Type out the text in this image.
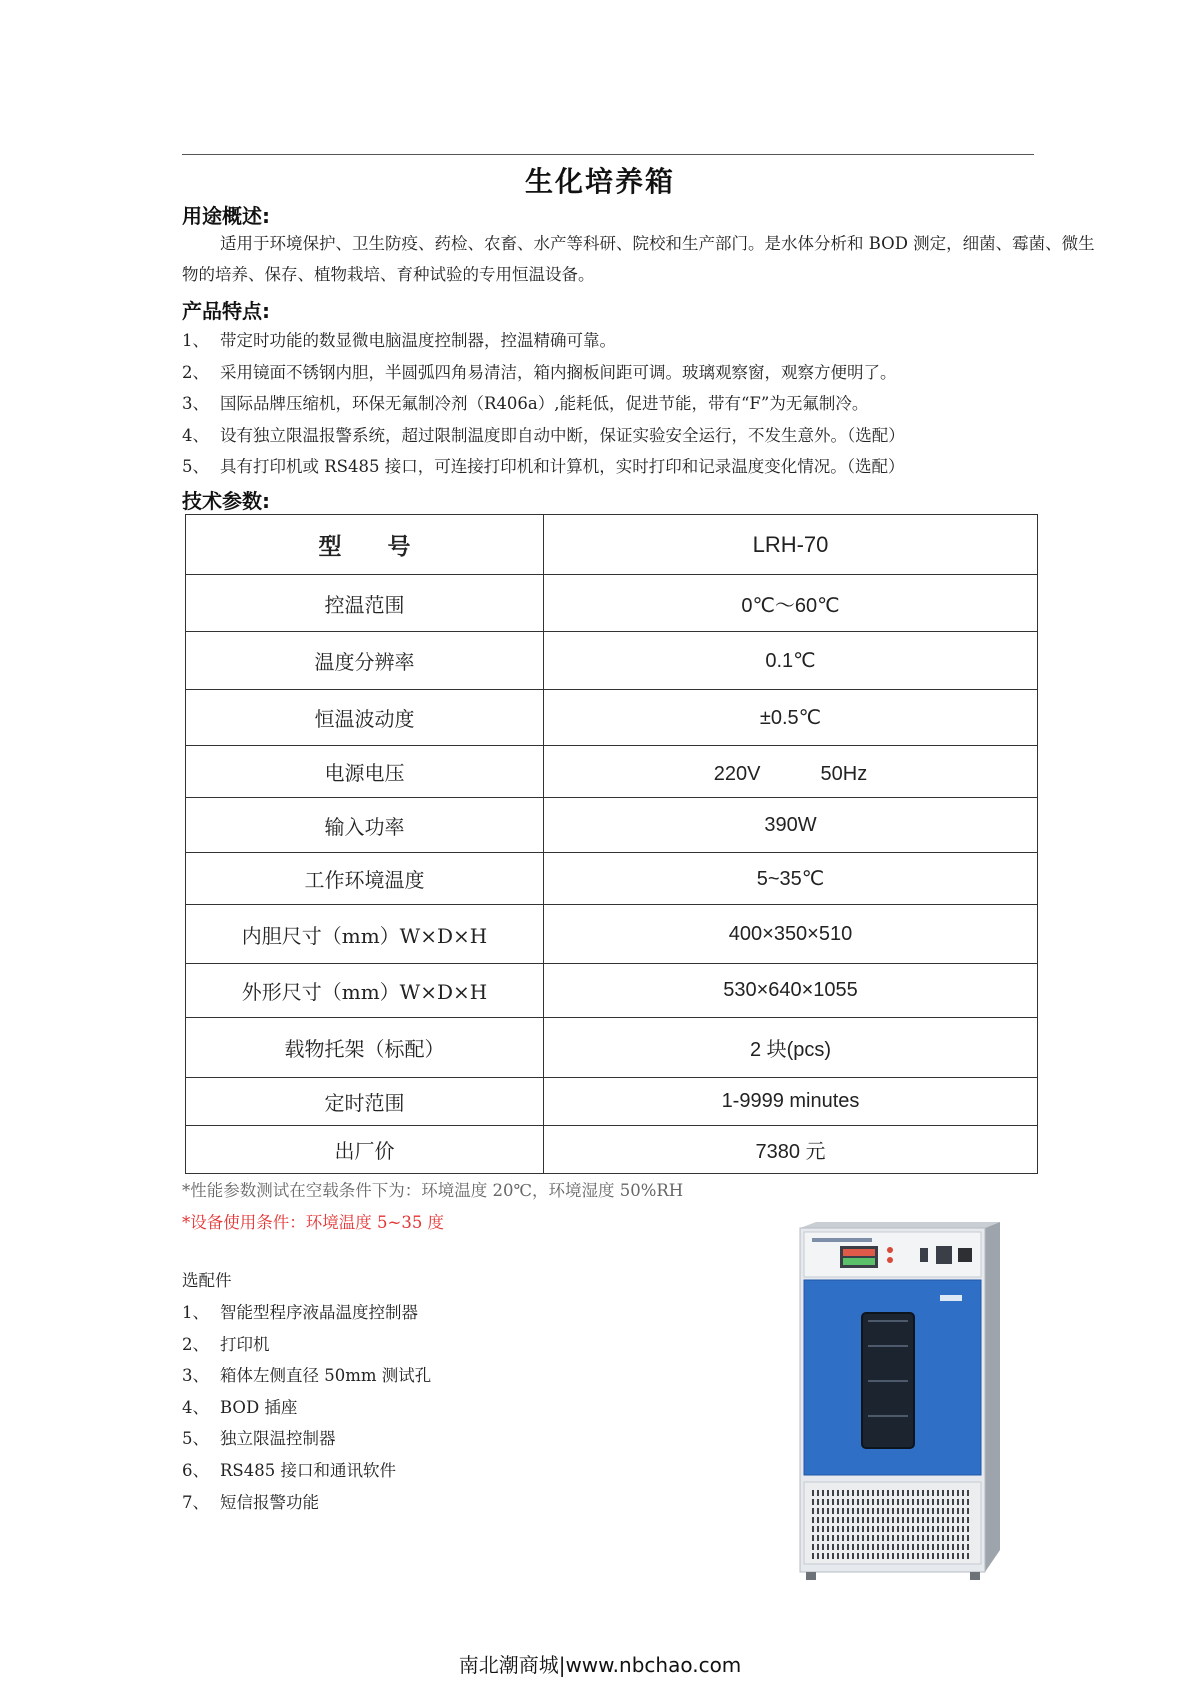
生化培养箱
用途概述:
适用于环境保护、卫生防疫、药检、农畜、水产等科研、院校和生产部门。是水体分析和 BOD 测定，细菌、霉菌、微生物的培养、保存、植物栽培、育种试验的专用恒温设备。
产品特点:
1、 带定时功能的数显微电脑温度控制器，控温精确可靠。
2、 采用镜面不锈钢内胆，半圆弧四角易清洁，箱内搁板间距可调。玻璃观察窗，观察方便明了。
3、 国际品牌压缩机，环保无氟制冷剂（R406a）,能耗低，促进节能，带有“F”为无氟制冷。
4、 设有独立限温报警系统，超过限制温度即自动中断，保证实验安全运行，不发生意外。（选配）
5、 具有打印机或 RS485 接口，可连接打印机和计算机，实时打印和记录温度变化情况。（选配）
技术参数:
型　　号	LRH-70
控温范围	0℃～60℃
温度分辨率	0.1℃
恒温波动度	±0.5℃
电源电压	220V　　　50Hz
输入功率	390W
工作环境温度	5~35℃
内胆尺寸（mm）W×D×H	400×350×510
外形尺寸（mm）W×D×H	530×640×1055
载物托架（标配）	2 块(pcs)
定时范围	1-9999 minutes
出厂价	7380 元
*性能参数测试在空载条件下为：环境温度 20℃，环境湿度 50%RH
*设备使用条件：环境温度 5~35 度
选配件
1、 智能型程序液晶温度控制器
2、 打印机
3、 箱体左侧直径 50mm 测试孔
4、 BOD 插座
5、 独立限温控制器
6、 RS485 接口和通讯软件
7、 短信报警功能
南北潮商城|www.nbchao.com
